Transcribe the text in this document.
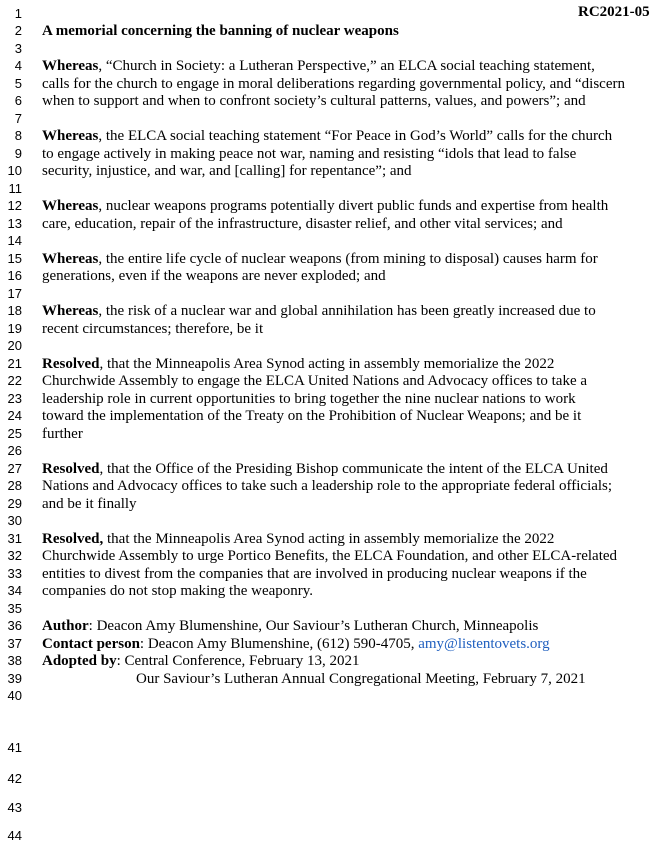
1
2
3
4
5
6
7
8
9
10
11
12
13
14
15
16
17
18
19
20
21
22
23
24
25
26
27
28
29
30
31
32
33
34
35
36
37
38
39
40
41
42
43
44
RC2021-05
A memorial concerning the banning of nuclear weapons
Whereas, “Church in Society: a Lutheran Perspective,” an ELCA social teaching statement,
calls for the church to engage in moral deliberations regarding governmental policy, and “discern
when to support and when to confront society’s cultural patterns, values, and powers”; and
Whereas, the ELCA social teaching statement “For Peace in God’s World” calls for the church
to engage actively in making peace not war, naming and resisting “idols that lead to false
security, injustice, and war, and [calling] for repentance”; and
Whereas, nuclear weapons programs potentially divert public funds and expertise from health
care, education, repair of the infrastructure, disaster relief, and other vital services; and
Whereas, the entire life cycle of nuclear weapons (from mining to disposal) causes harm for
generations, even if the weapons are never exploded; and
Whereas, the risk of a nuclear war and global annihilation has been greatly increased due to
recent circumstances; therefore, be it
Resolved, that the Minneapolis Area Synod acting in assembly memorialize the 2022
Churchwide Assembly to engage the ELCA United Nations and Advocacy offices to take a
leadership role in current opportunities to bring together the nine nuclear nations to work
toward the implementation of the Treaty on the Prohibition of Nuclear Weapons; and be it
further
Resolved, that the Office of the Presiding Bishop communicate the intent of the ELCA United
Nations and Advocacy offices to take such a leadership role to the appropriate federal officials;
and be it finally
Resolved, that the Minneapolis Area Synod acting in assembly memorialize the 2022
Churchwide Assembly to urge Portico Benefits, the ELCA Foundation, and other ELCA-related
entities to divest from the companies that are involved in producing nuclear weapons if the
companies do not stop making the weaponry.
Author: Deacon Amy Blumenshine, Our Saviour’s Lutheran Church, Minneapolis
Contact person: Deacon Amy Blumenshine, (612) 590-4705, amy@listentovets.org
Adopted by: Central Conference, February 13, 2021
Our Saviour’s Lutheran Annual Congregational Meeting, February 7, 2021
